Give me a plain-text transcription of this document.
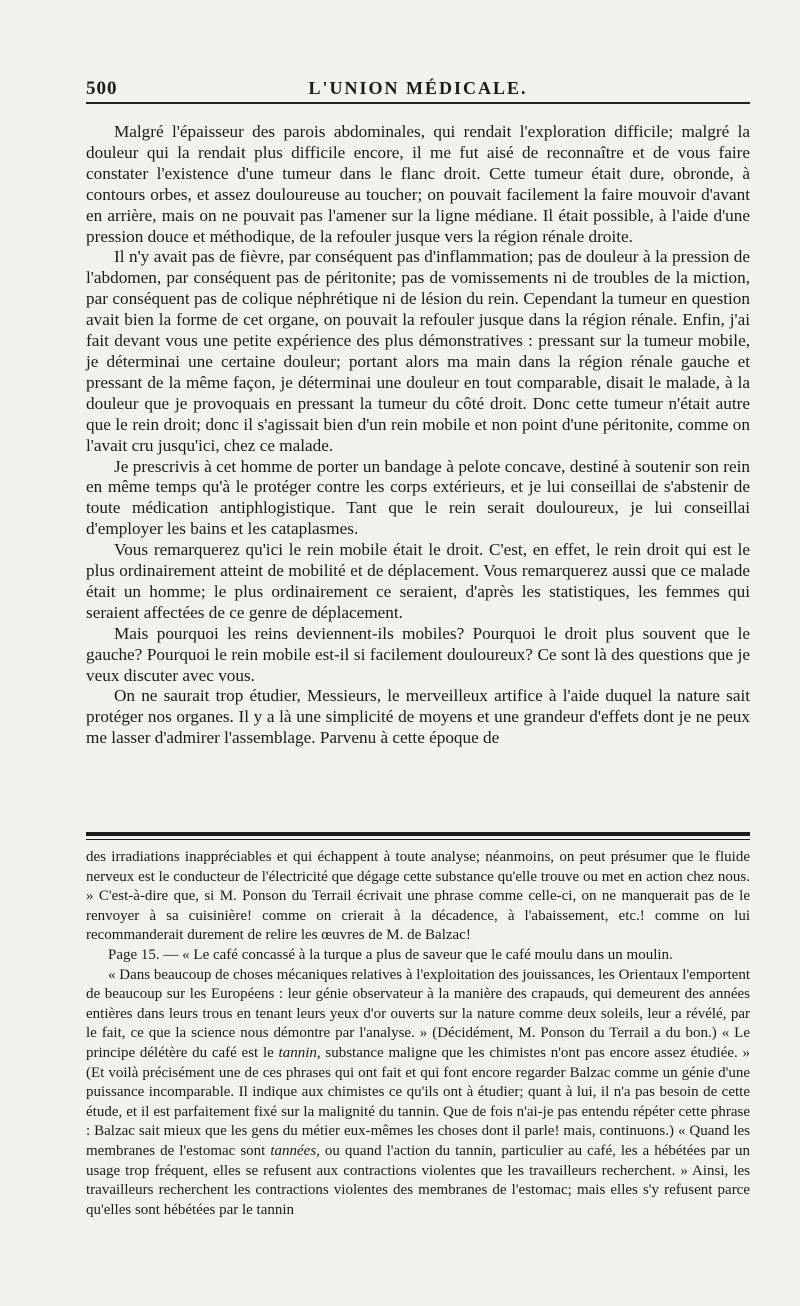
500	L'UNION MÉDICALE.

Malgré l'épaisseur des parois abdominales, qui rendait l'exploration difficile; malgré la douleur qui la rendait plus difficile encore, il me fut aisé de reconnaître et de vous faire constater l'existence d'une tumeur dans le flanc droit. Cette tumeur était dure, obronde, à contours orbes, et assez douloureuse au toucher; on pouvait facilement la faire mouvoir d'avant en arrière, mais on ne pouvait pas l'amener sur la ligne médiane. Il était possible, à l'aide d'une pression douce et méthodique, de la refouler jusque vers la région rénale droite.

Il n'y avait pas de fièvre, par conséquent pas d'inflammation; pas de douleur à la pression de l'abdomen, par conséquent pas de péritonite; pas de vomissements ni de troubles de la miction, par conséquent pas de colique néphrétique ni de lésion du rein. Cependant la tumeur en question avait bien la forme de cet organe, on pouvait la refouler jusque dans la région rénale. Enfin, j'ai fait devant vous une petite expérience des plus démonstratives : pressant sur la tumeur mobile, je déterminai une certaine douleur; portant alors ma main dans la région rénale gauche et pressant de la même façon, je déterminai une douleur en tout comparable, disait le malade, à la douleur que je provoquais en pressant la tumeur du côté droit. Donc cette tumeur n'était autre que le rein droit; donc il s'agissait bien d'un rein mobile et non point d'une péritonite, comme on l'avait cru jusqu'ici, chez ce malade.

Je prescrivis à cet homme de porter un bandage à pelote concave, destiné à soutenir son rein en même temps qu'à le protéger contre les corps extérieurs, et je lui conseillai de s'abstenir de toute médication antiphlogistique. Tant que le rein serait douloureux, je lui conseillai d'employer les bains et les cataplasmes.

Vous remarquerez qu'ici le rein mobile était le droit. C'est, en effet, le rein droit qui est le plus ordinairement atteint de mobilité et de déplacement. Vous remarquerez aussi que ce malade était un homme; le plus ordinairement ce seraient, d'après les statistiques, les femmes qui seraient affectées de ce genre de déplacement.

Mais pourquoi les reins deviennent-ils mobiles? Pourquoi le droit plus souvent que le gauche? Pourquoi le rein mobile est-il si facilement douloureux? Ce sont là des questions que je veux discuter avec vous.

On ne saurait trop étudier, Messieurs, le merveilleux artifice à l'aide duquel la nature sait protéger nos organes. Il y a là une simplicité de moyens et une grandeur d'effets dont je ne peux me lasser d'admirer l'assemblage. Parvenu à cette époque de

des irradiations inappréciables et qui échappent à toute analyse; néanmoins, on peut présumer que le fluide nerveux est le conducteur de l'électricité que dégage cette substance qu'elle trouve ou met en action chez nous. » C'est-à-dire que, si M. Ponson du Terrail écrivait une phrase comme celle-ci, on ne manquerait pas de le renvoyer à sa cuisinière! comme on crierait à la décadence, à l'abaissement, etc.! comme on lui recommanderait durement de relire les œuvres de M. de Balzac!

Page 15. — « Le café concassé à la turque a plus de saveur que le café moulu dans un moulin.

« Dans beaucoup de choses mécaniques relatives à l'exploitation des jouissances, les Orientaux l'emportent de beaucoup sur les Européens : leur génie observateur à la manière des crapauds, qui demeurent des années entières dans leurs trous en tenant leurs yeux d'or ouverts sur la nature comme deux soleils, leur a révélé, par le fait, ce que la science nous démontre par l'analyse. » (Décidément, M. Ponson du Terrail a du bon.) « Le principe délétère du café est le tannin, substance maligne que les chimistes n'ont pas encore assez étudiée. » (Et voilà précisément une de ces phrases qui ont fait et qui font encore regarder Balzac comme un génie d'une puissance incomparable. Il indique aux chimistes ce qu'ils ont à étudier; quant à lui, il n'a pas besoin de cette étude, et il est parfaitement fixé sur la malignité du tannin. Que de fois n'ai-je pas entendu répéter cette phrase : Balzac sait mieux que les gens du métier eux-mêmes les choses dont il parle! mais, continuons.) « Quand les membranes de l'estomac sont tannées, ou quand l'action du tannin, particulier au café, les a hébétées par un usage trop fréquent, elles se refusent aux contractions violentes que les travailleurs recherchent. » Ainsi, les travailleurs recherchent les contractions violentes des membranes de l'estomac; mais elles s'y refusent parce qu'elles sont hébétées par le tannin
